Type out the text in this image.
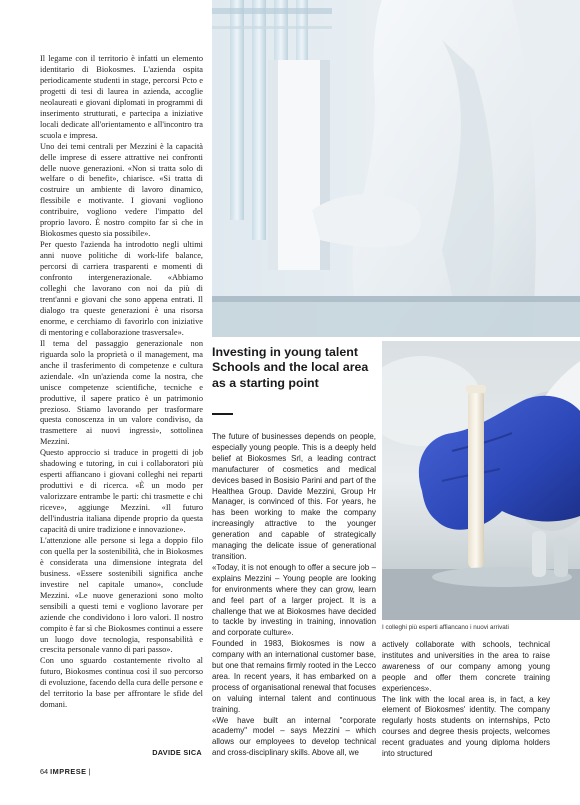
Il legame con il territorio è infatti un elemento identitario di Biokosmes. L'azienda ospita periodicamente studenti in stage, percorsi Pcto e progetti di tesi di laurea in azienda, accoglie neolaureati e giovani diplomati in programmi di inserimento strutturati, e partecipa a iniziative locali dedicate all'orientamento e all'incontro tra scuola e impresa.

Uno dei temi centrali per Mezzini è la capacità delle imprese di essere attrattive nei confronti delle nuove generazioni. «Non si tratta solo di welfare o di benefit», chiarisce. «Si tratta di costruire un ambiente di lavoro dinamico, flessibile e motivante. I giovani vogliono contribuire, vogliono vedere l'impatto del proprio lavoro. È nostro compito far sì che in Biokosmes questo sia possibile».

Per questo l'azienda ha introdotto negli ultimi anni nuove politiche di work-life balance, percorsi di carriera trasparenti e momenti di confronto intergenerazionale. «Abbiamo colleghi che lavorano con noi da più di trent'anni e giovani che sono appena entrati. Il dialogo tra queste generazioni è una risorsa enorme, e cerchiamo di favorirlo con iniziative di mentoring e collaborazione trasversale».

Il tema del passaggio generazionale non riguarda solo la proprietà o il management, ma anche il trasferimento di competenze e cultura aziendale. «In un'azienda come la nostra, che unisce competenze scientifiche, tecniche e produttive, il sapere pratico è un patrimonio prezioso. Stiamo lavorando per trasformare questa conoscenza in un valore condiviso, da trasmettere ai nuovi ingressi», sottolinea Mezzini.

Questo approccio si traduce in progetti di job shadowing e tutoring, in cui i collaboratori più esperti affiancano i giovani colleghi nei reparti produttivi e di ricerca. «È un modo per valorizzare entrambe le parti: chi trasmette e chi riceve», aggiunge Mezzini. «Il futuro dell'industria italiana dipende proprio da questa capacità di unire tradizione e innovazione».

L'attenzione alle persone si lega a doppio filo con quella per la sostenibilità, che in Biokosmes è considerata una dimensione integrata del business. «Essere sostenibili significa anche investire nel capitale umano», conclude Mezzini. «Le nuove generazioni sono molto sensibili a questi temi e vogliono lavorare per aziende che condividono i loro valori. Il nostro compito è far sì che Biokosmes continui a essere un luogo dove tecnologia, responsabilità e crescita personale vanno di pari passo».

Con uno sguardo costantemente rivolto al futuro, Biokosmes continua così il suo percorso di evoluzione, facendo della cura delle persone e del territorio la base per affrontare le sfide del domani.

DAVIDE SICA
Investing in young talent Schools and the local area as a starting point

The future of businesses depends on people, especially young people. This is a deeply held belief at Biokosmes Srl, a leading contract manufacturer of cosmetics and medical devices based in Bosisio Parini and part of the Healthea Group. Davide Mezzini, Group Hr Manager, is convinced of this. For years, he has been working to make the company increasingly attractive to the younger generation and capable of strategically managing the delicate issue of generational transition.

«Today, it is not enough to offer a secure job – explains Mezzini – Young people are looking for environments where they can grow, learn and feel part of a larger project. It is a challenge that we at Biokosmes have decided to tackle by investing in training, innovation and corporate culture».

Founded in 1983, Biokosmes is now a company with an international customer base, but one that remains firmly rooted in the Lecco area. In recent years, it has embarked on a process of organisational renewal that focuses on valuing internal talent and continuous training.

«We have built an internal "corporate academy" model – says Mezzini – which allows our employees to develop technical and cross-disciplinary skills. Above all, we

I colleghi più esperti affiancano i nuovi arrivati

actively collaborate with schools, technical institutes and universities in the area to raise awareness of our company among young people and offer them concrete training experiences».

The link with the local area is, in fact, a key element of Biokosmes' identity. The company regularly hosts students on internships, Pcto courses and degree thesis projects, welcomes recent graduates and young diploma holders into structured

64 IMPRESE |
